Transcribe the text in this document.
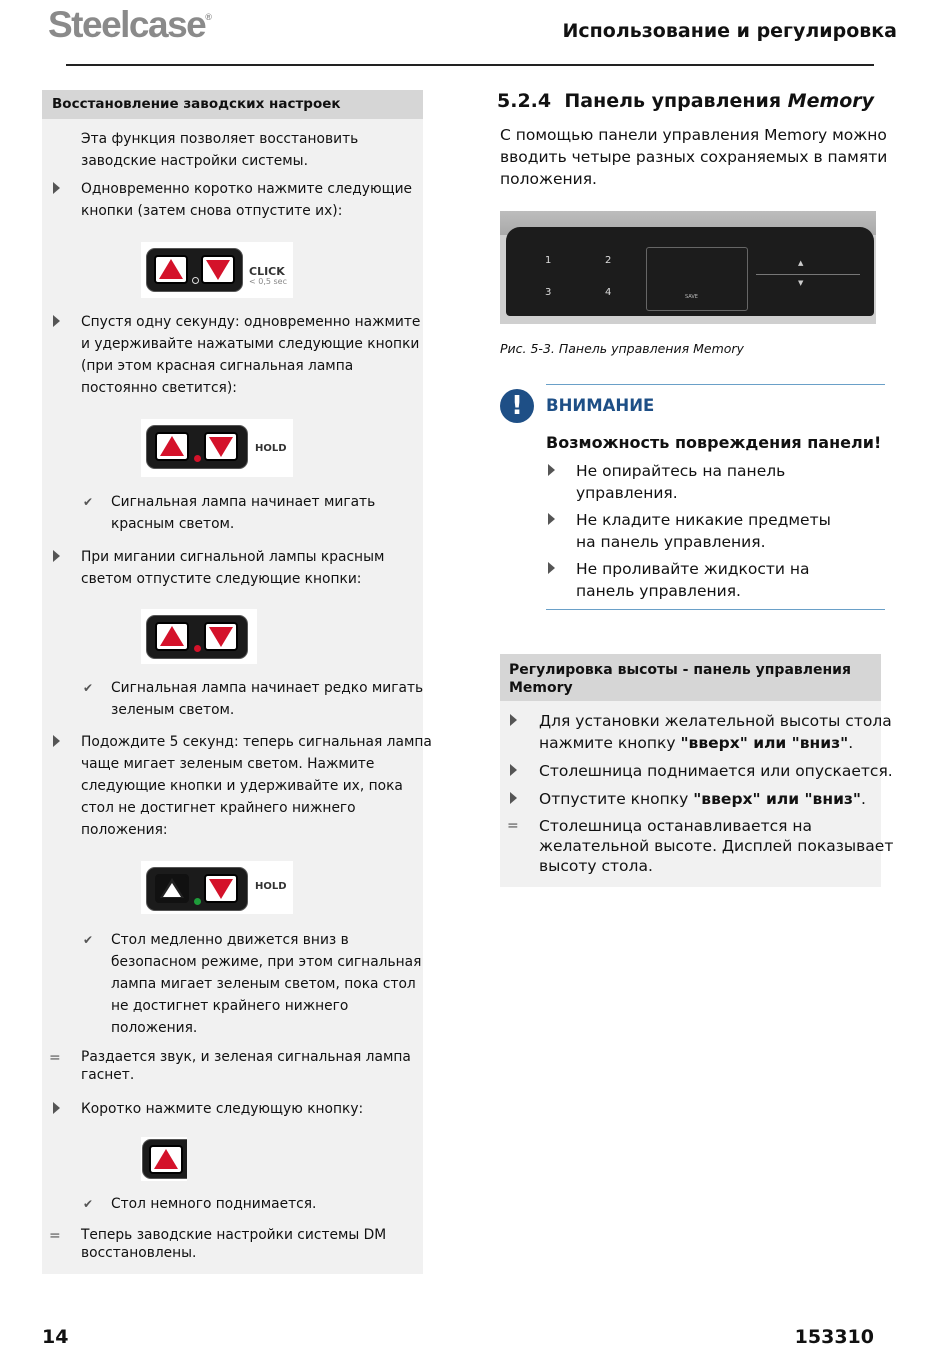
Steelcase®
Использование и регулировка
Восстановление заводских настроек
Эта функция позволяет восстановить
заводские настройки системы.
Одновременно коротко нажмите следующие
кнопки (затем снова отпустите их):
CLICK
< 0,5 sec
Спустя одну секунду: одновременно нажмите
и удерживайте нажатыми следующие кнопки
(при этом красная сигнальная лампа
постоянно светится):
HOLD
✔ Сигнальная лампа начинает мигать
красным светом.
При мигании сигнальной лампы красным
светом отпустите следующие кнопки:
✔ Сигнальная лампа начинает редко мигать
зеленым светом.
Подождите 5 секунд: теперь сигнальная лампа
чаще мигает зеленым светом. Нажмите
следующие кнопки и удерживайте их, пока
стол не достигнет крайнего нижнего
положения:
HOLD
✔ Стол медленно движется вниз в
безопасном режиме, при этом сигнальная
лампа мигает зеленым светом, пока стол
не достигнет крайнего нижнего
положения.
= Раздается звук, и зеленая сигнальная лампа
гаснет.
Коротко нажмите следующую кнопку:
✔ Стол немного поднимается.
= Теперь заводские настройки системы DM
восстановлены.
5.2.4 Панель управления Memory
С помощью панели управления Memory можно
вводить четыре разных сохраняемых в памяти
положения.
1	2
3	4	SAVE
▲
▼
Рис. 5-3. Панель управления Memory
!	ВНИМАНИЕ
Возможность повреждения панели!
Не опирайтесь на панель
управления.
Не кладите никакие предметы
на панель управления.
Не проливайте жидкости на
панель управления.
Регулировка высоты - панель управления
Memory
Для установки желательной высоты стола
нажмите кнопку "вверх" или "вниз".
Столешница поднимается или опускается.
Отпустите кнопку "вверх" или "вниз".
= Столешница останавливается на
желательной высоте. Дисплей показывает
высоту стола.
14	153310
